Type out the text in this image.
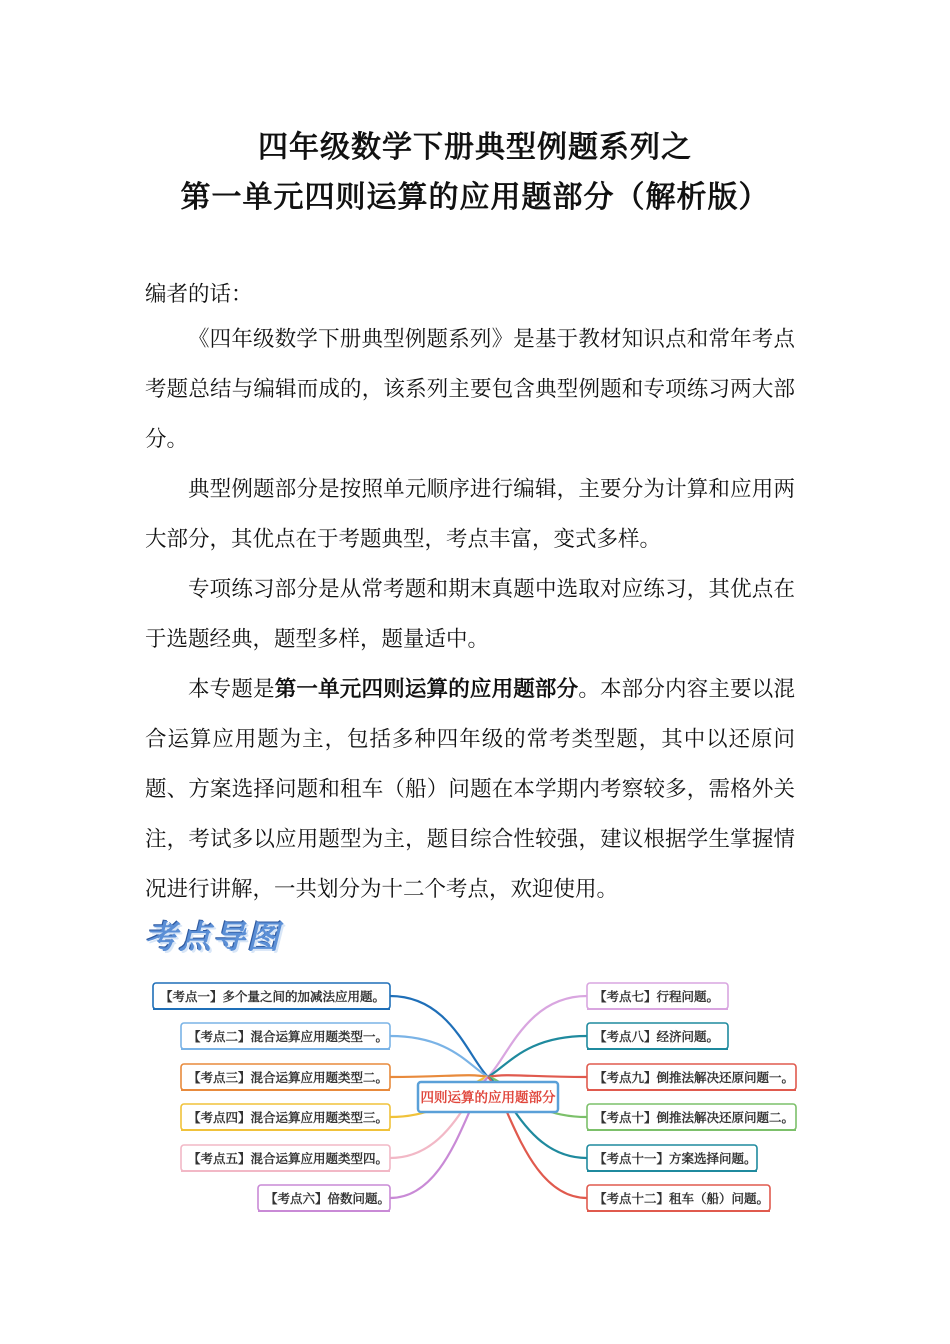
四年级数学下册典型例题系列之
第一单元四则运算的应用题部分（解析版）
编者的话：
《四年级数学下册典型例题系列》是基于教材知识点和常年考点考题总结与编辑而成的，该系列主要包含典型例题和专项练习两大部分。
典型例题部分是按照单元顺序进行编辑，主要分为计算和应用两大部分，其优点在于考题典型，考点丰富，变式多样。
专项练习部分是从常考题和期末真题中选取对应练习，其优点在于选题经典，题型多样，题量适中。
本专题是第一单元四则运算的应用题部分。本部分内容主要以混合运算应用题为主，包括多种四年级的常考类型题，其中以还原问题、方案选择问题和租车（船）问题在本学期内考察较多，需格外关注，考试多以应用题型为主，题目综合性较强，建议根据学生掌握情况进行讲解，一共划分为十二个考点，欢迎使用。
考点导图
四则运算的应用题部分
【考点一】多个量之间的加减法应用题。
【考点二】混合运算应用题类型一。
【考点三】混合运算应用题类型二。
【考点四】混合运算应用题类型三。
【考点五】混合运算应用题类型四。
【考点六】倍数问题。
【考点七】行程问题。
【考点八】经济问题。
【考点九】倒推法解决还原问题一。
【考点十】倒推法解决还原问题二。
【考点十一】方案选择问题。
【考点十二】租车（船）问题。
